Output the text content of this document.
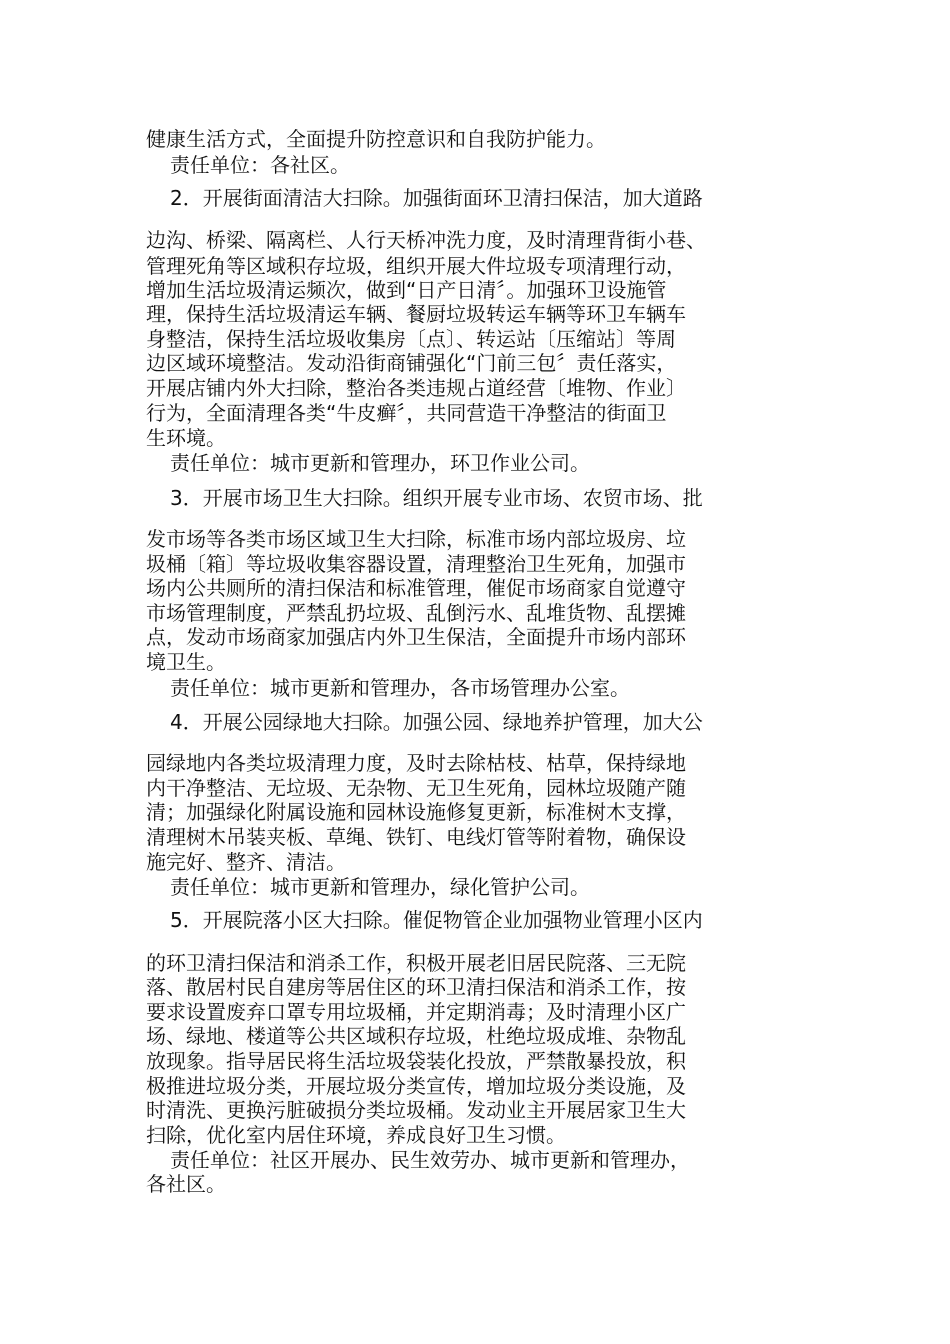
健康生活方式，全面提升防控意识和自我防护能力。

责任单位：各社区。

2．开展街面清洁大扫除。加强街面环卫清扫保洁，加大道路

边沟、桥梁、隔离栏、人行天桥冲洗力度，及时清理背街小巷、

管理死角等区域积存垃圾，组织开展大件垃圾专项清理行动，

增加生活垃圾清运频次，做到“日产日清〞。加强环卫设施管

理，保持生活垃圾清运车辆、餐厨垃圾转运车辆等环卫车辆车

身整洁，保持生活垃圾收集房〔点〕、转运站〔压缩站〕等周

边区域环境整洁。发动沿街商铺强化“门前三包〞责任落实，

开展店铺内外大扫除，整治各类违规占道经营〔堆物、作业〕

行为，全面清理各类“牛皮癣〞，共同营造干净整洁的街面卫

生环境。

责任单位：城市更新和管理办，环卫作业公司。

3．开展市场卫生大扫除。组织开展专业市场、农贸市场、批

发市场等各类市场区域卫生大扫除，标准市场内部垃圾房、垃

圾桶〔箱〕等垃圾收集容器设置，清理整治卫生死角，加强市

场内公共厕所的清扫保洁和标准管理，催促市场商家自觉遵守

市场管理制度，严禁乱扔垃圾、乱倒污水、乱堆货物、乱摆摊

点，发动市场商家加强店内外卫生保洁，全面提升市场内部环

境卫生。

责任单位：城市更新和管理办，各市场管理办公室。

4．开展公园绿地大扫除。加强公园、绿地养护管理，加大公

园绿地内各类垃圾清理力度，及时去除枯枝、枯草，保持绿地

内干净整洁、无垃圾、无杂物、无卫生死角，园林垃圾随产随

清；加强绿化附属设施和园林设施修复更新，标准树木支撑，

清理树木吊装夹板、草绳、铁钉、电线灯管等附着物，确保设

施完好、整齐、清洁。

责任单位：城市更新和管理办，绿化管护公司。

5．开展院落小区大扫除。催促物管企业加强物业管理小区内

的环卫清扫保洁和消杀工作，积极开展老旧居民院落、三无院

落、散居村民自建房等居住区的环卫清扫保洁和消杀工作，按

要求设置废弃口罩专用垃圾桶，并定期消毒；及时清理小区广

场、绿地、楼道等公共区域积存垃圾，杜绝垃圾成堆、杂物乱

放现象。指导居民将生活垃圾袋装化投放，严禁散暴投放，积

极推进垃圾分类，开展垃圾分类宣传，增加垃圾分类设施，及

时清洗、更换污脏破损分类垃圾桶。发动业主开展居家卫生大

扫除，优化室内居住环境，养成良好卫生习惯。

责任单位：社区开展办、民生效劳办、城市更新和管理办，

各社区。
